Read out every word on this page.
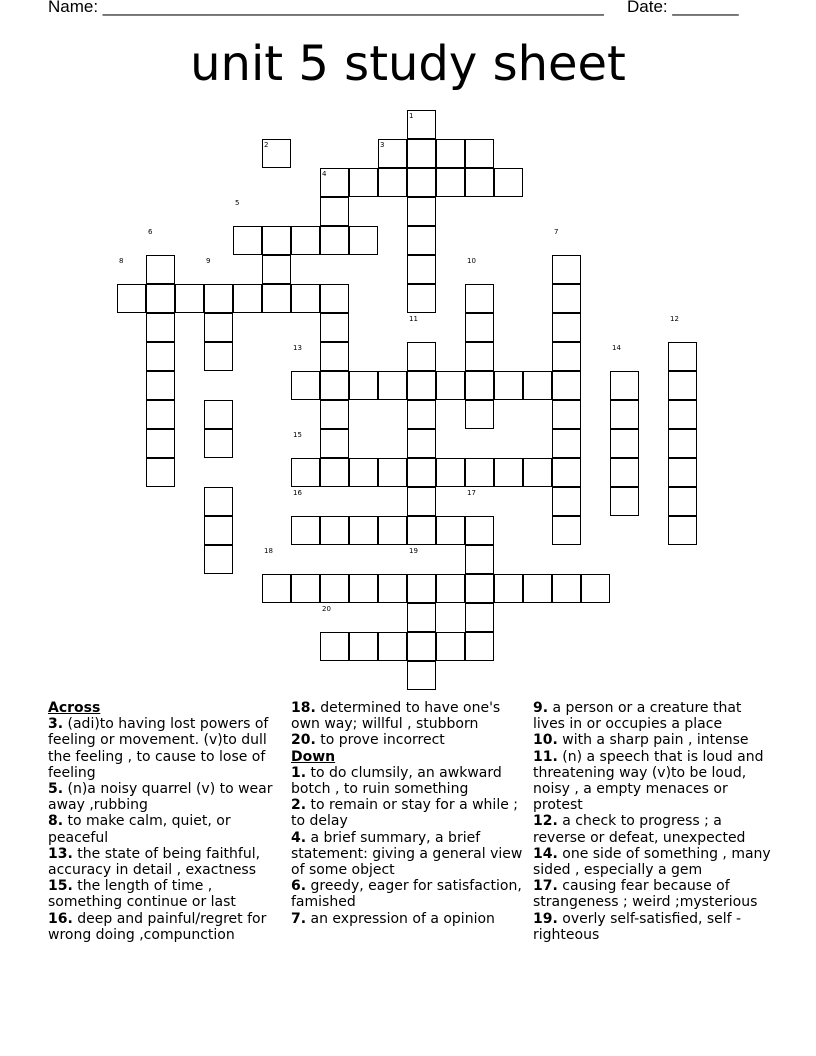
Name: _____________________________________________________ Date: _______
unit 5 study sheet
1
2	3
4
5
6	7
8	9	10
11	12
13	14
15
16	17
18	19
20
Across
3. (adi)to having lost powers of feeling or movement. (v)to dull the feeling , to cause to lose of feeling
5. (n)a noisy quarrel (v) to wear away ,rubbing
8. to make calm, quiet, or peaceful
13. the state of being faithful, accuracy in detail , exactness
15. the length of time , something continue or last
16. deep and painful/regret for wrong doing ,compunction
18. determined to have one's own way; willful , stubborn
20. to prove incorrect
Down
1. to do clumsily, an awkward botch , to ruin something
2. to remain or stay for a while ; to delay
4. a brief summary, a brief statement: giving a general view of some object
6. greedy, eager for satisfaction, famished
7. an expression of a opinion
9. a person or a creature that lives in or occupies a place
10. with a sharp pain , intense
11. (n) a speech that is loud and threatening way (v)to be loud, noisy , a empty menaces or protest
12. a check to progress ; a reverse or defeat, unexpected
14. one side of something , many sided , especially a gem
17. causing fear because of strangeness ; weird ;mysterious
19. overly self-satisfied, self -righteous
